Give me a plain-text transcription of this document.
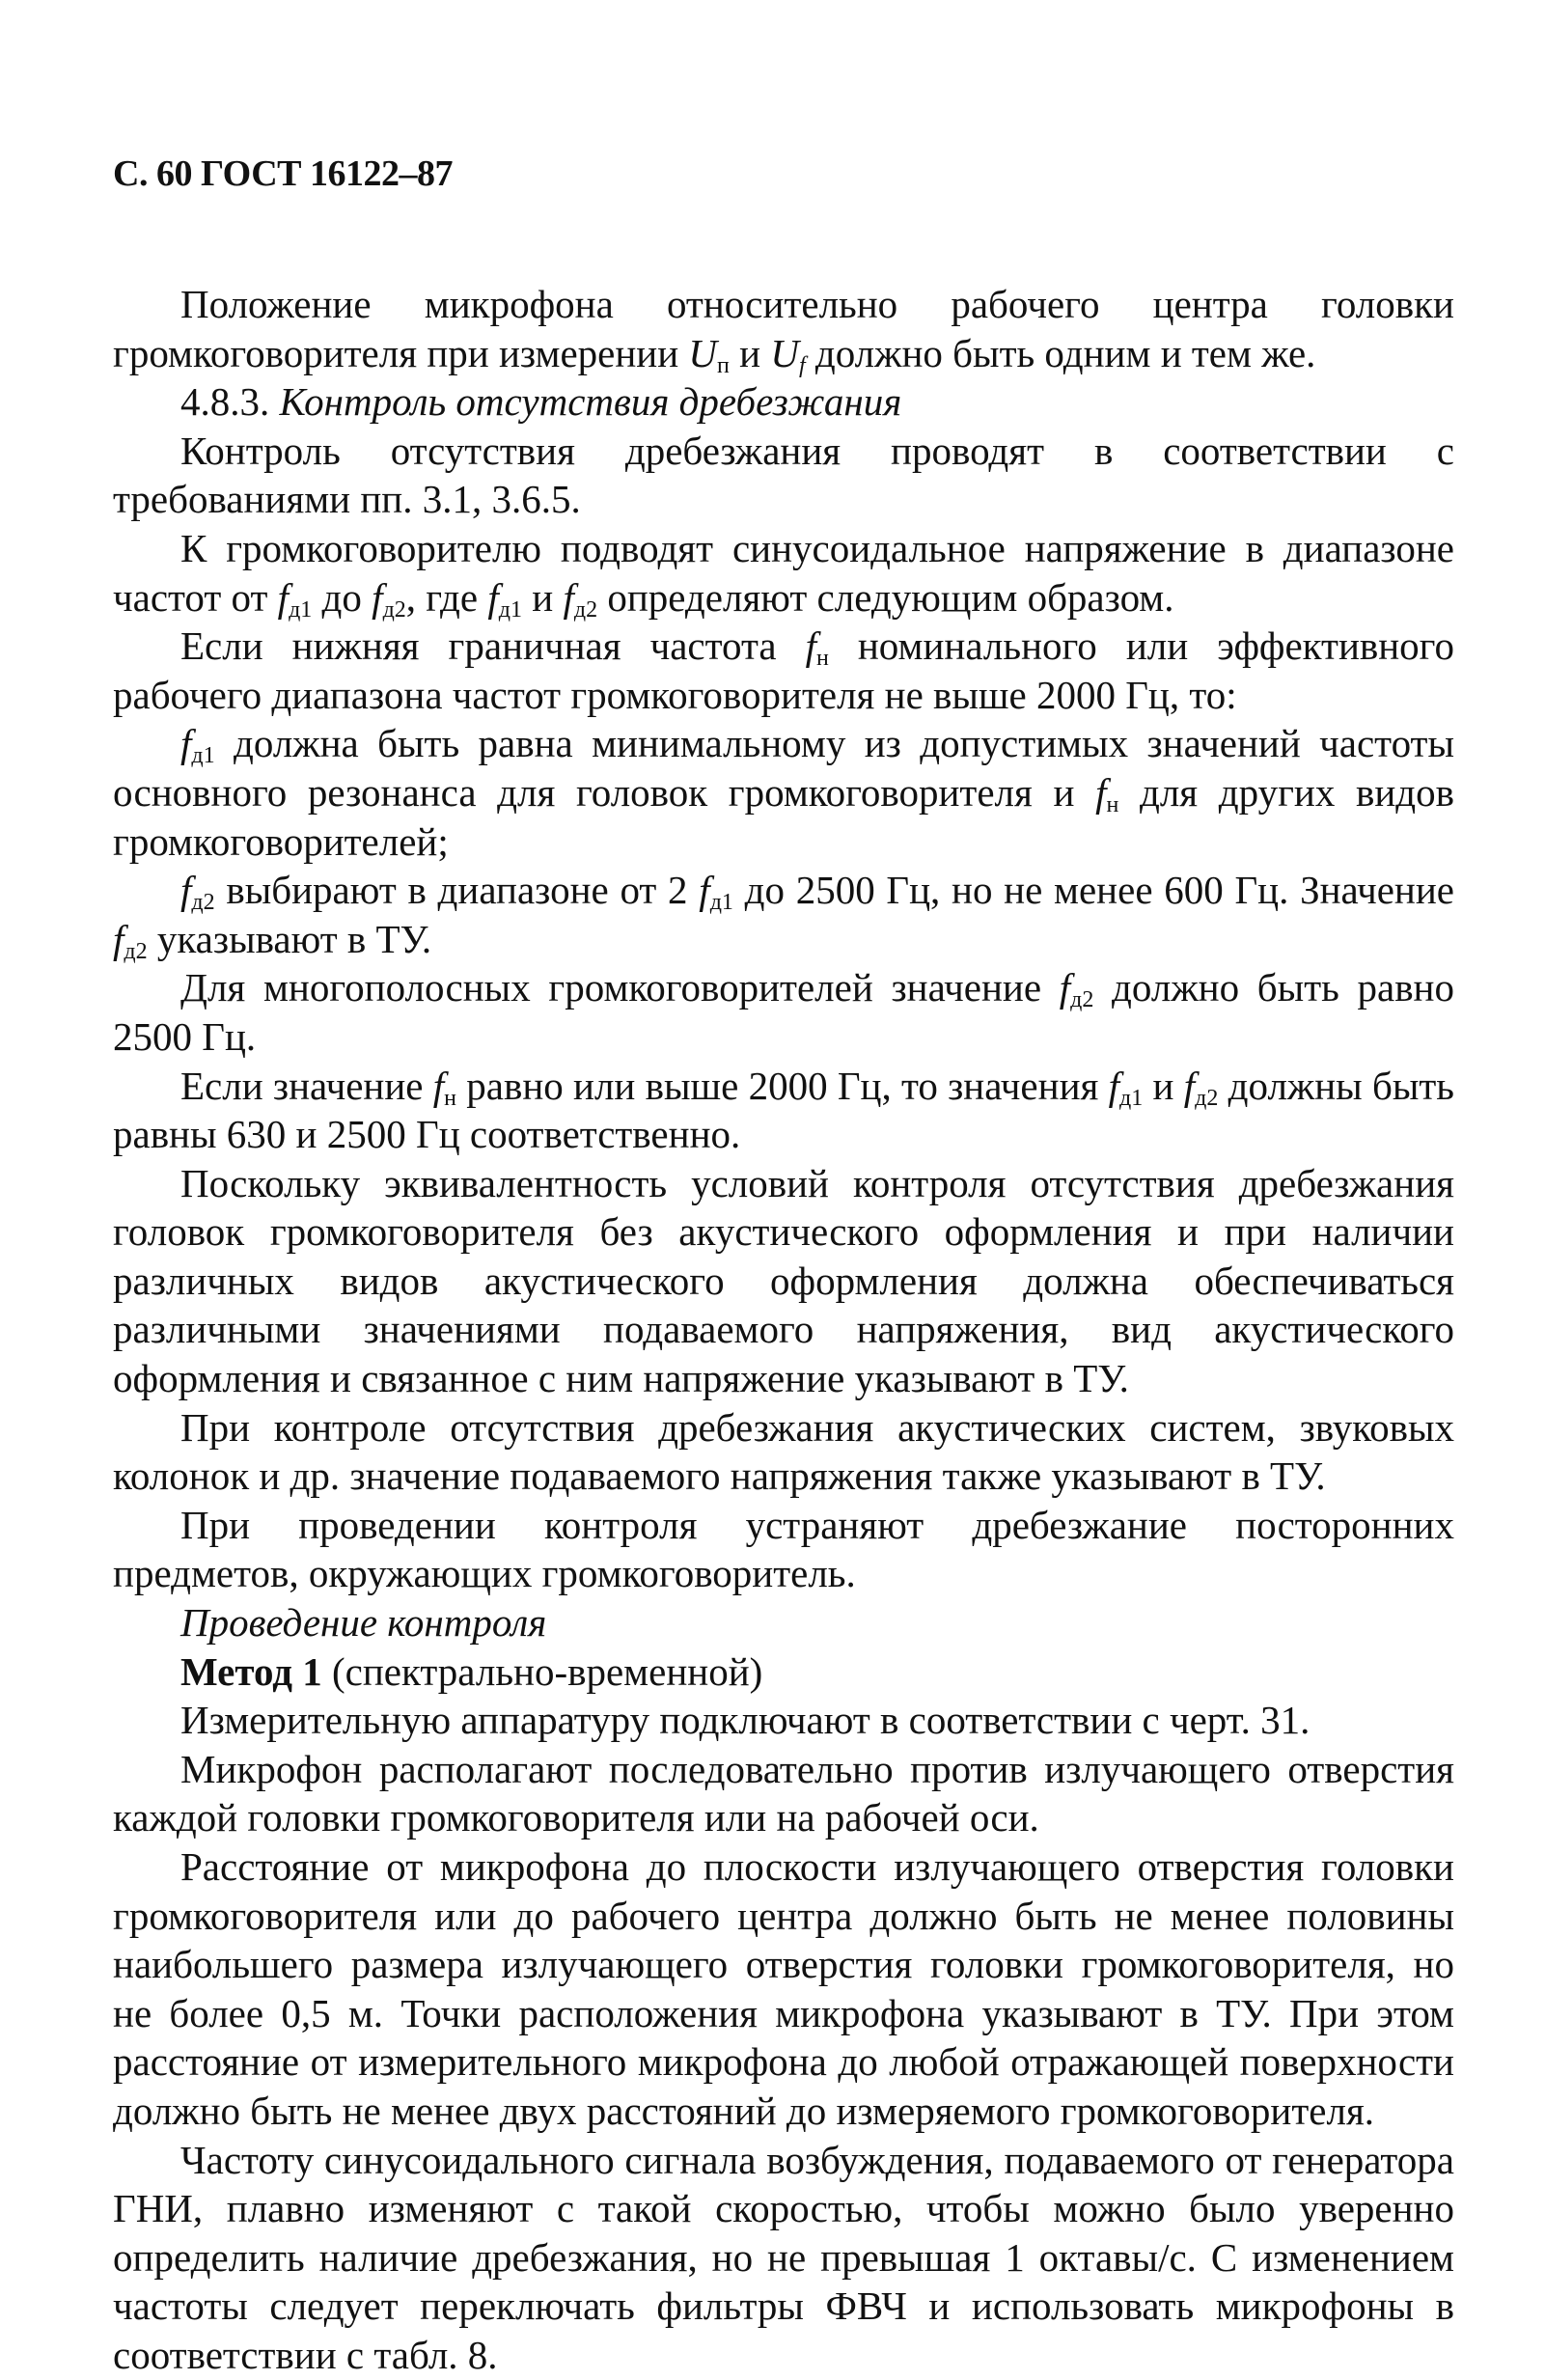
С. 60 ГОСТ 16122–87

Положение микрофона относительно рабочего центра головки громкоговорителя при измерении $U_п$ и $U_f$ должно быть одним и тем же.

4.8.3. Контроль отсутствия дребезжания

Контроль отсутствия дребезжания проводят в соответствии с требованиями пп. 3.1, 3.6.5.

К громкоговорителю подводят синусоидальное напряжение в диапазоне частот от $f_{д1}$ до $f_{д2}$, где $f_{д1}$ и $f_{д2}$ определяют следующим образом.

Если нижняя граничная частота $f_н$ номинального или эффективного рабочего диапазона частот громкоговорителя не выше 2000 Гц, то:

$f_{д1}$ должна быть равна минимальному из допустимых значений частоты основного резонанса для головок громкоговорителя и $f_н$ для других видов громкоговорителей;

$f_{д2}$ выбирают в диапазоне от 2 $f_{д1}$ до 2500 Гц, но не менее 600 Гц. Значение $f_{д2}$ указывают в ТУ.

Для многополосных громкоговорителей значение $f_{д2}$ должно быть равно 2500 Гц.

Если значение $f_н$ равно или выше 2000 Гц, то значения $f_{д1}$ и $f_{д2}$ должны быть равны 630 и 2500 Гц соответственно.

Поскольку эквивалентность условий контроля отсутствия дребезжания головок громкоговорителя без акустического оформления и при наличии различных видов акустического оформления должна обеспечиваться различными значениями подаваемого напряжения, вид акустического оформления и связанное с ним напряжение указывают в ТУ.

При контроле отсутствия дребезжания акустических систем, звуковых колонок и др. значение подаваемого напряжения также указывают в ТУ.

При проведении контроля устраняют дребезжание посторонних предметов, окружающих громкоговоритель.

Проведение контроля

Метод 1 (спектрально-временной)

Измерительную аппаратуру подключают в соответствии с черт. 31.

Микрофон располагают последовательно против излучающего отверстия каждой головки громкоговорителя или на рабочей оси.

Расстояние от микрофона до плоскости излучающего отверстия головки громкоговорителя или до рабочего центра должно быть не менее половины наибольшего размера излучающего отверстия головки громкоговорителя, но не более 0,5 м. Точки расположения микрофона указывают в ТУ. При этом расстояние от измерительного микрофона до любой отражающей поверхности должно быть не менее двух расстояний до измеряемого громкоговорителя.

Частоту синусоидального сигнала возбуждения, подаваемого от генератора ГНИ, плавно изменяют с такой скоростью, чтобы можно было уверенно определить наличие дребезжания, но не превышая 1 октавы/с. С изменением частоты следует переключать фильтры ФВЧ и использовать микрофоны в соответствии с табл. 8.
